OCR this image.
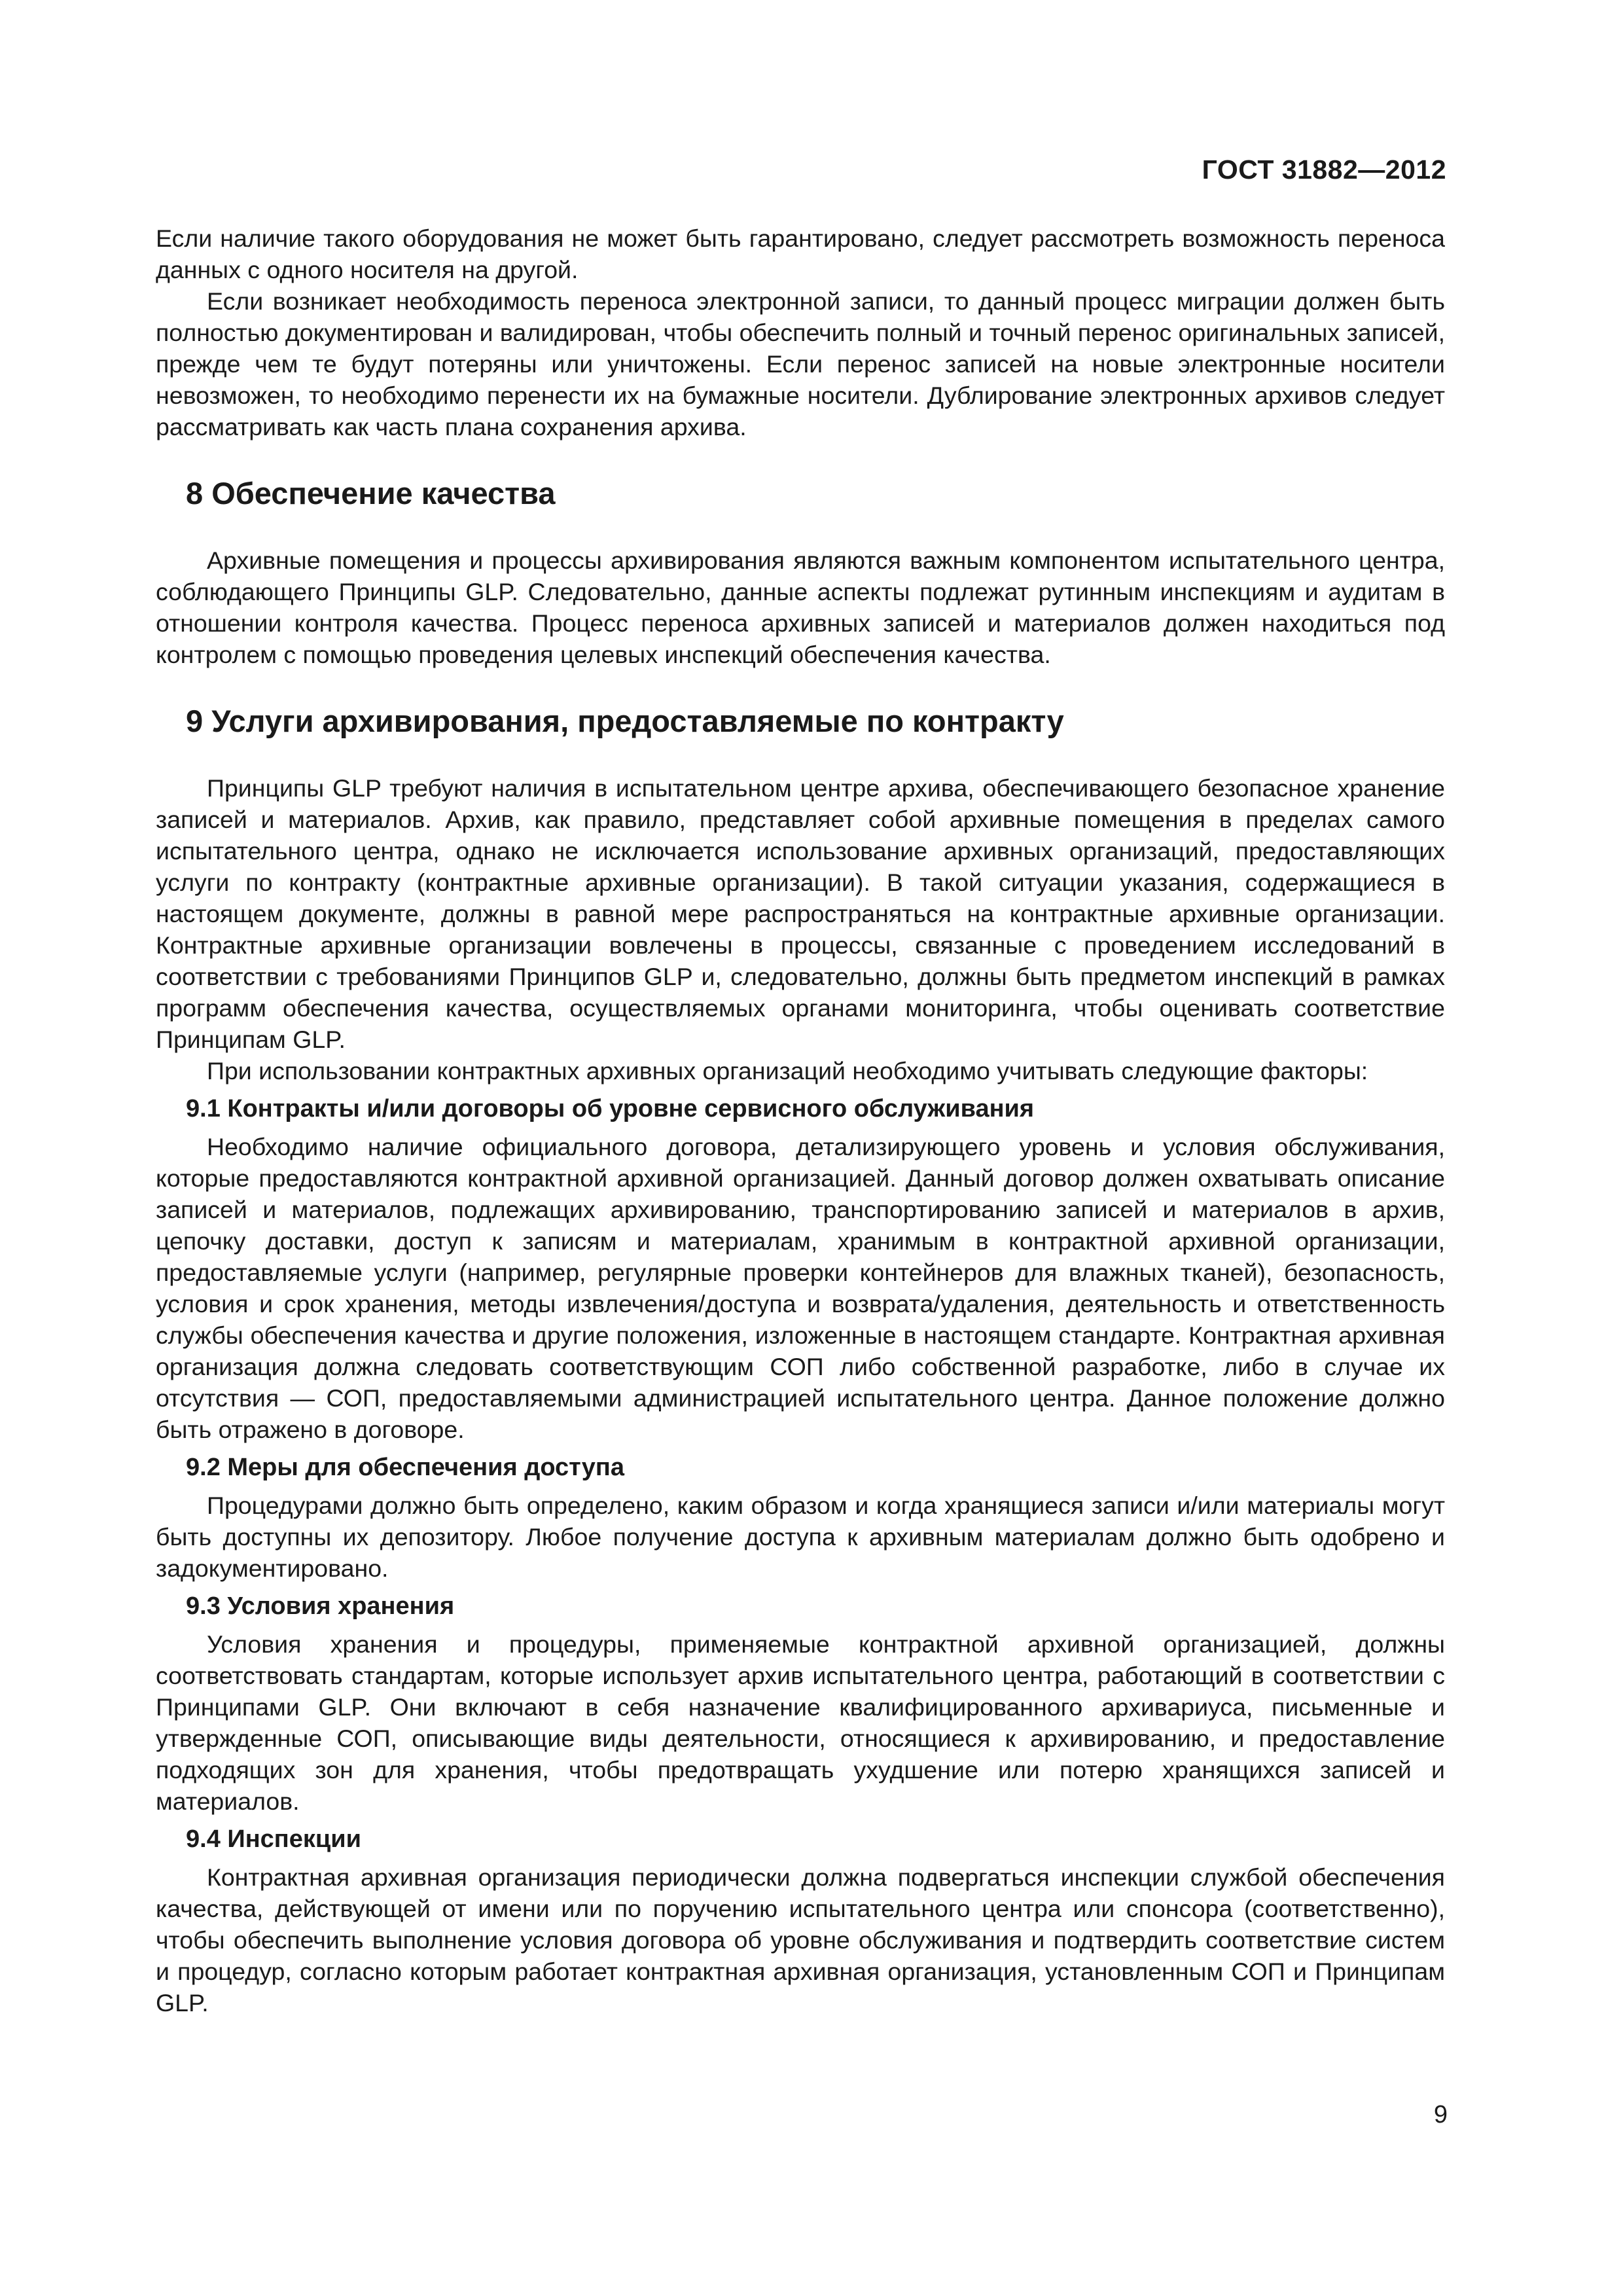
ГОСТ 31882—2012

Если наличие такого оборудования не может быть гарантировано, следует рассмотреть возможность переноса данных с одного носителя на другой.

Если возникает необходимость переноса электронной записи, то данный процесс миграции должен быть полностью документирован и валидирован, чтобы обеспечить полный и точный перенос оригинальных записей, прежде чем те будут потеряны или уничтожены. Если перенос записей на новые электронные носители невозможен, то необходимо перенести их на бумажные носители. Дублирование электронных архивов следует рассматривать как часть плана сохранения архива.

8 Обеспечение качества

Архивные помещения и процессы архивирования являются важным компонентом испытательного центра, соблюдающего Принципы GLP. Следовательно, данные аспекты подлежат рутинным инспекциям и аудитам в отношении контроля качества. Процесс переноса архивных записей и материалов должен находиться под контролем с помощью проведения целевых инспекций обеспечения качества.

9 Услуги архивирования, предоставляемые по контракту

Принципы GLP требуют наличия в испытательном центре архива, обеспечивающего безопасное хранение записей и материалов. Архив, как правило, представляет собой архивные помещения в пределах самого испытательного центра, однако не исключается использование архивных организаций, предоставляющих услуги по контракту (контрактные архивные организации). В такой ситуации указания, содержащиеся в настоящем документе, должны в равной мере распространяться на контрактные архивные организации. Контрактные архивные организации вовлечены в процессы, связанные с проведением исследований в соответствии с требованиями Принципов GLP и, следовательно, должны быть предметом инспекций в рамках программ обеспечения качества, осуществляемых органами мониторинга, чтобы оценивать соответствие Принципам GLP.

При использовании контрактных архивных организаций необходимо учитывать следующие факторы:

9.1 Контракты и/или договоры об уровне сервисного обслуживания

Необходимо наличие официального договора, детализирующего уровень и условия обслуживания, которые предоставляются контрактной архивной организацией. Данный договор должен охватывать описание записей и материалов, подлежащих архивированию, транспортированию записей и материалов в архив, цепочку доставки, доступ к записям и материалам, хранимым в контрактной архивной организации, предоставляемые услуги (например, регулярные проверки контейнеров для влажных тканей), безопасность, условия и срок хранения, методы извлечения/доступа и возврата/удаления, деятельность и ответственность службы обеспечения качества и другие положения, изложенные в настоящем стандарте. Контрактная архивная организация должна следовать соответствующим СОП либо собственной разработке, либо в случае их отсутствия — СОП, предоставляемыми администрацией испытательного центра. Данное положение должно быть отражено в договоре.

9.2 Меры для обеспечения доступа

Процедурами должно быть определено, каким образом и когда хранящиеся записи и/или материалы могут быть доступны их депозитору. Любое получение доступа к архивным материалам должно быть одобрено и задокументировано.

9.3 Условия хранения

Условия хранения и процедуры, применяемые контрактной архивной организацией, должны соответствовать стандартам, которые использует архив испытательного центра, работающий в соответствии с Принципами GLP. Они включают в себя назначение квалифицированного архивариуса, письменные и утвержденные СОП, описывающие виды деятельности, относящиеся к архивированию, и предоставление подходящих зон для хранения, чтобы предотвращать ухудшение или потерю хранящихся записей и материалов.

9.4 Инспекции

Контрактная архивная организация периодически должна подвергаться инспекции службой обеспечения качества, действующей от имени или по поручению испытательного центра или спонсора (соответственно), чтобы обеспечить выполнение условия договора об уровне обслуживания и подтвердить соответствие систем и процедур, согласно которым работает контрактная архивная организация, установленным СОП и Принципам GLP.

9
